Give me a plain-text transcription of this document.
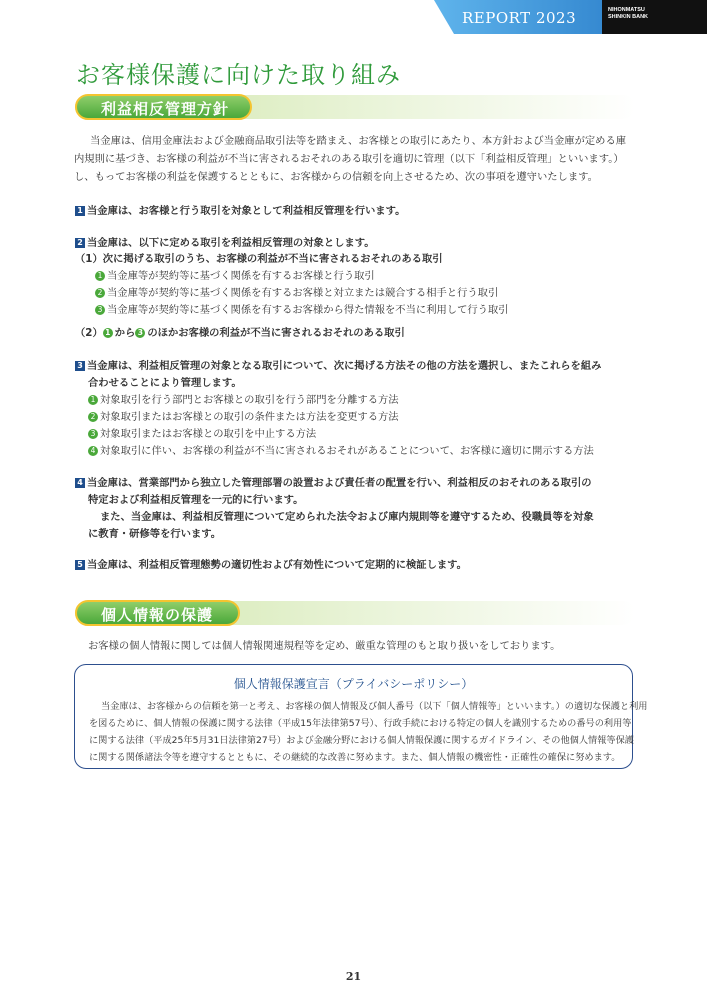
REPORT 2023	NIHONMATSU
SHINKIN BANK
お客様保護に向けた取り組み
利益相反管理方針
当金庫は、信用金庫法および金融商品取引法等を踏まえ、お客様との取引にあたり、本方針および当金庫が定める庫
内規則に基づき、お客様の利益が不当に害されるおそれのある取引を適切に管理（以下「利益相反管理」といいます。）
し、もってお客様の利益を保護するとともに、お客様からの信頼を向上させるため、次の事項を遵守いたします。
1 当金庫は、お客様と行う取引を対象として利益相反管理を行います。
2 当金庫は、以下に定める取引を利益相反管理の対象とします。
（1）次に掲げる取引のうち、お客様の利益が不当に害されるおそれのある取引
1 当金庫等が契約等に基づく関係を有するお客様と行う取引
2 当金庫等が契約等に基づく関係を有するお客様と対立または競合する相手と行う取引
3 当金庫等が契約等に基づく関係を有するお客様から得た情報を不当に利用して行う取引
（2） 1 から 3 のほかお客様の利益が不当に害されるおそれのある取引
3 当金庫は、利益相反管理の対象となる取引について、次に掲げる方法その他の方法を選択し、またこれらを組み
合わせることにより管理します。
1 対象取引を行う部門とお客様との取引を行う部門を分離する方法
2 対象取引またはお客様との取引の条件または方法を変更する方法
3 対象取引またはお客様との取引を中止する方法
4 対象取引に伴い、お客様の利益が不当に害されるおそれがあることについて、お客様に適切に開示する方法
4 当金庫は、営業部門から独立した管理部署の設置および責任者の配置を行い、利益相反のおそれのある取引の
特定および利益相反管理を一元的に行います。
また、当金庫は、利益相反管理について定められた法令および庫内規則等を遵守するため、役職員等を対象
に教育・研修等を行います。
5 当金庫は、利益相反管理態勢の適切性および有効性について定期的に検証します。
個人情報の保護
お客様の個人情報に関しては個人情報関連規程等を定め、厳重な管理のもと取り扱いをしております。
個人情報保護宣言（プライバシーポリシー）
当金庫は、お客様からの信頼を第一と考え、お客様の個人情報及び個人番号（以下「個人情報等」といいます。）の適切な保護と利用
を図るために、個人情報の保護に関する法律（平成15年法律第57号）、行政手続における特定の個人を識別するための番号の利用等
に関する法律（平成25年5月31日法律第27号）および金融分野における個人情報保護に関するガイドライン、その他個人情報等保護
に関する関係諸法令等を遵守するとともに、その継続的な改善に努めます。また、個人情報の機密性・正確性の確保に努めます。
21
